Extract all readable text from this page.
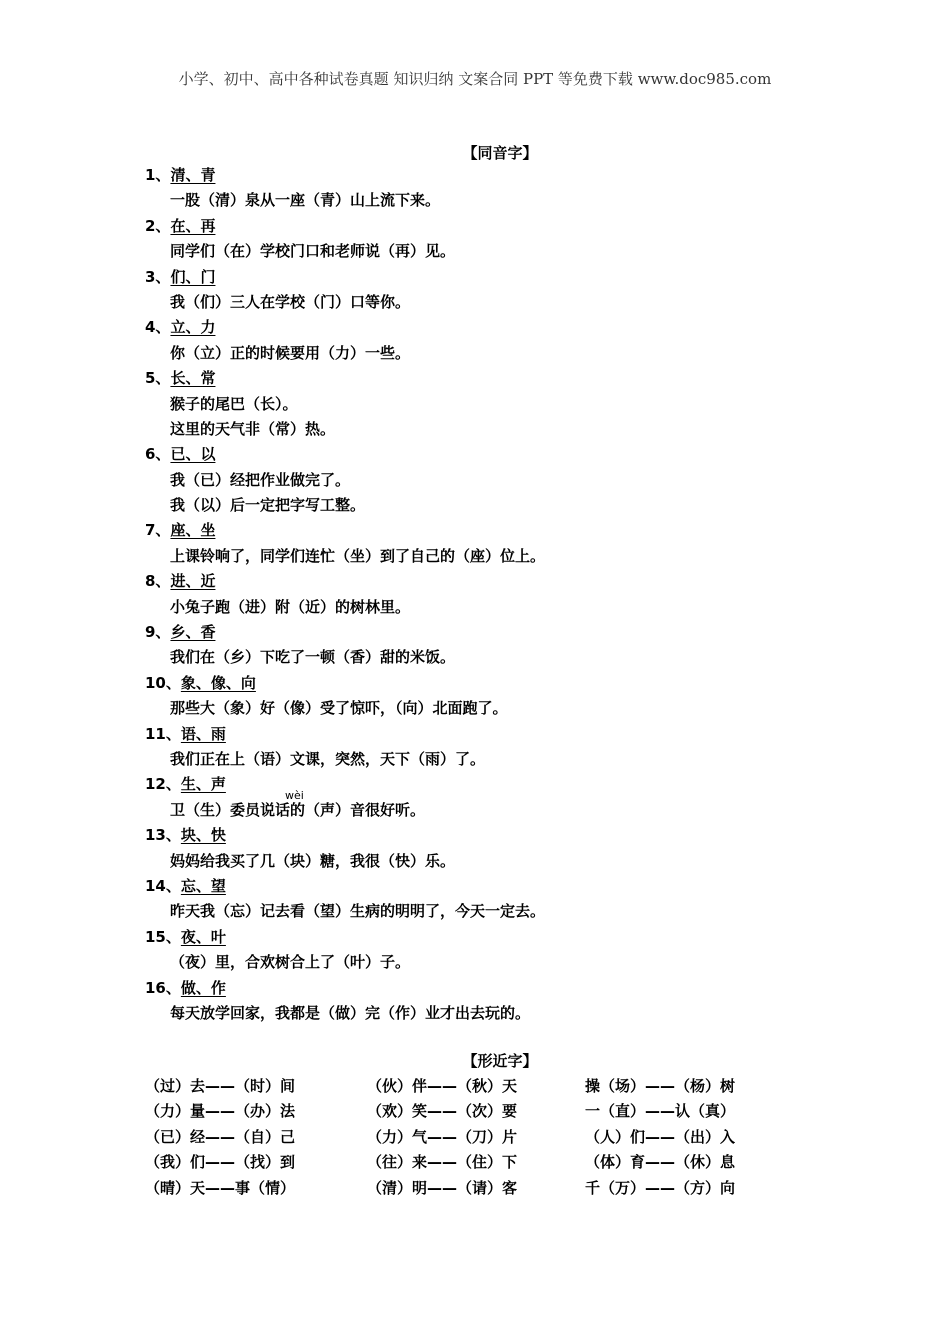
小学、初中、高中各种试卷真题 知识归纳 文案合同 PPT 等免费下载 www.doc985.com
【同音字】
1、清、青
一股（清）泉从一座（青）山上流下来。
2、在、再
同学们（在）学校门口和老师说（再）见。
3、们、门
我（们）三人在学校（门）口等你。
4、立、力
你（立）正的时候要用（力）一些。
5、长、常
猴子的尾巴（长）。
这里的天气非（常）热。
6、已、以
我（已）经把作业做完了。
我（以）后一定把字写工整。
7、座、坐
上课铃响了，同学们连忙（坐）到了自己的（座）位上。
8、进、近
小兔子跑（进）附（近）的树林里。
9、乡、香
我们在（乡）下吃了一顿（香）甜的米饭。
10、象、像、向
那些大（象）好（像）受了惊吓，（向）北面跑了。
11、语、雨
我们正在上（语）文课，突然，天下（雨）了。
12、生、声
卫（生）委员说话的（声）音很好听。
wèi
13、块、快
妈妈给我买了几（块）糖，我很（快）乐。
14、忘、望
昨天我（忘）记去看（望）生病的明明了，今天一定去。
15、夜、叶
（夜）里，合欢树合上了（叶）子。
16、做、作
每天放学回家，我都是（做）完（作）业才出去玩的。
【形近字】
（过）去——（时）间	（伙）伴——（秋）天	操（场）——（杨）树
（力）量——（办）法	（欢）笑——（次）要	一（直）——认（真）
（已）经——（自）己	（力）气——（刀）片	（人）们——（出）入
（我）们——（找）到	（往）来——（住）下	（体）育——（休）息
（晴）天——事（情）	（清）明——（请）客	千（万）——（方）向
